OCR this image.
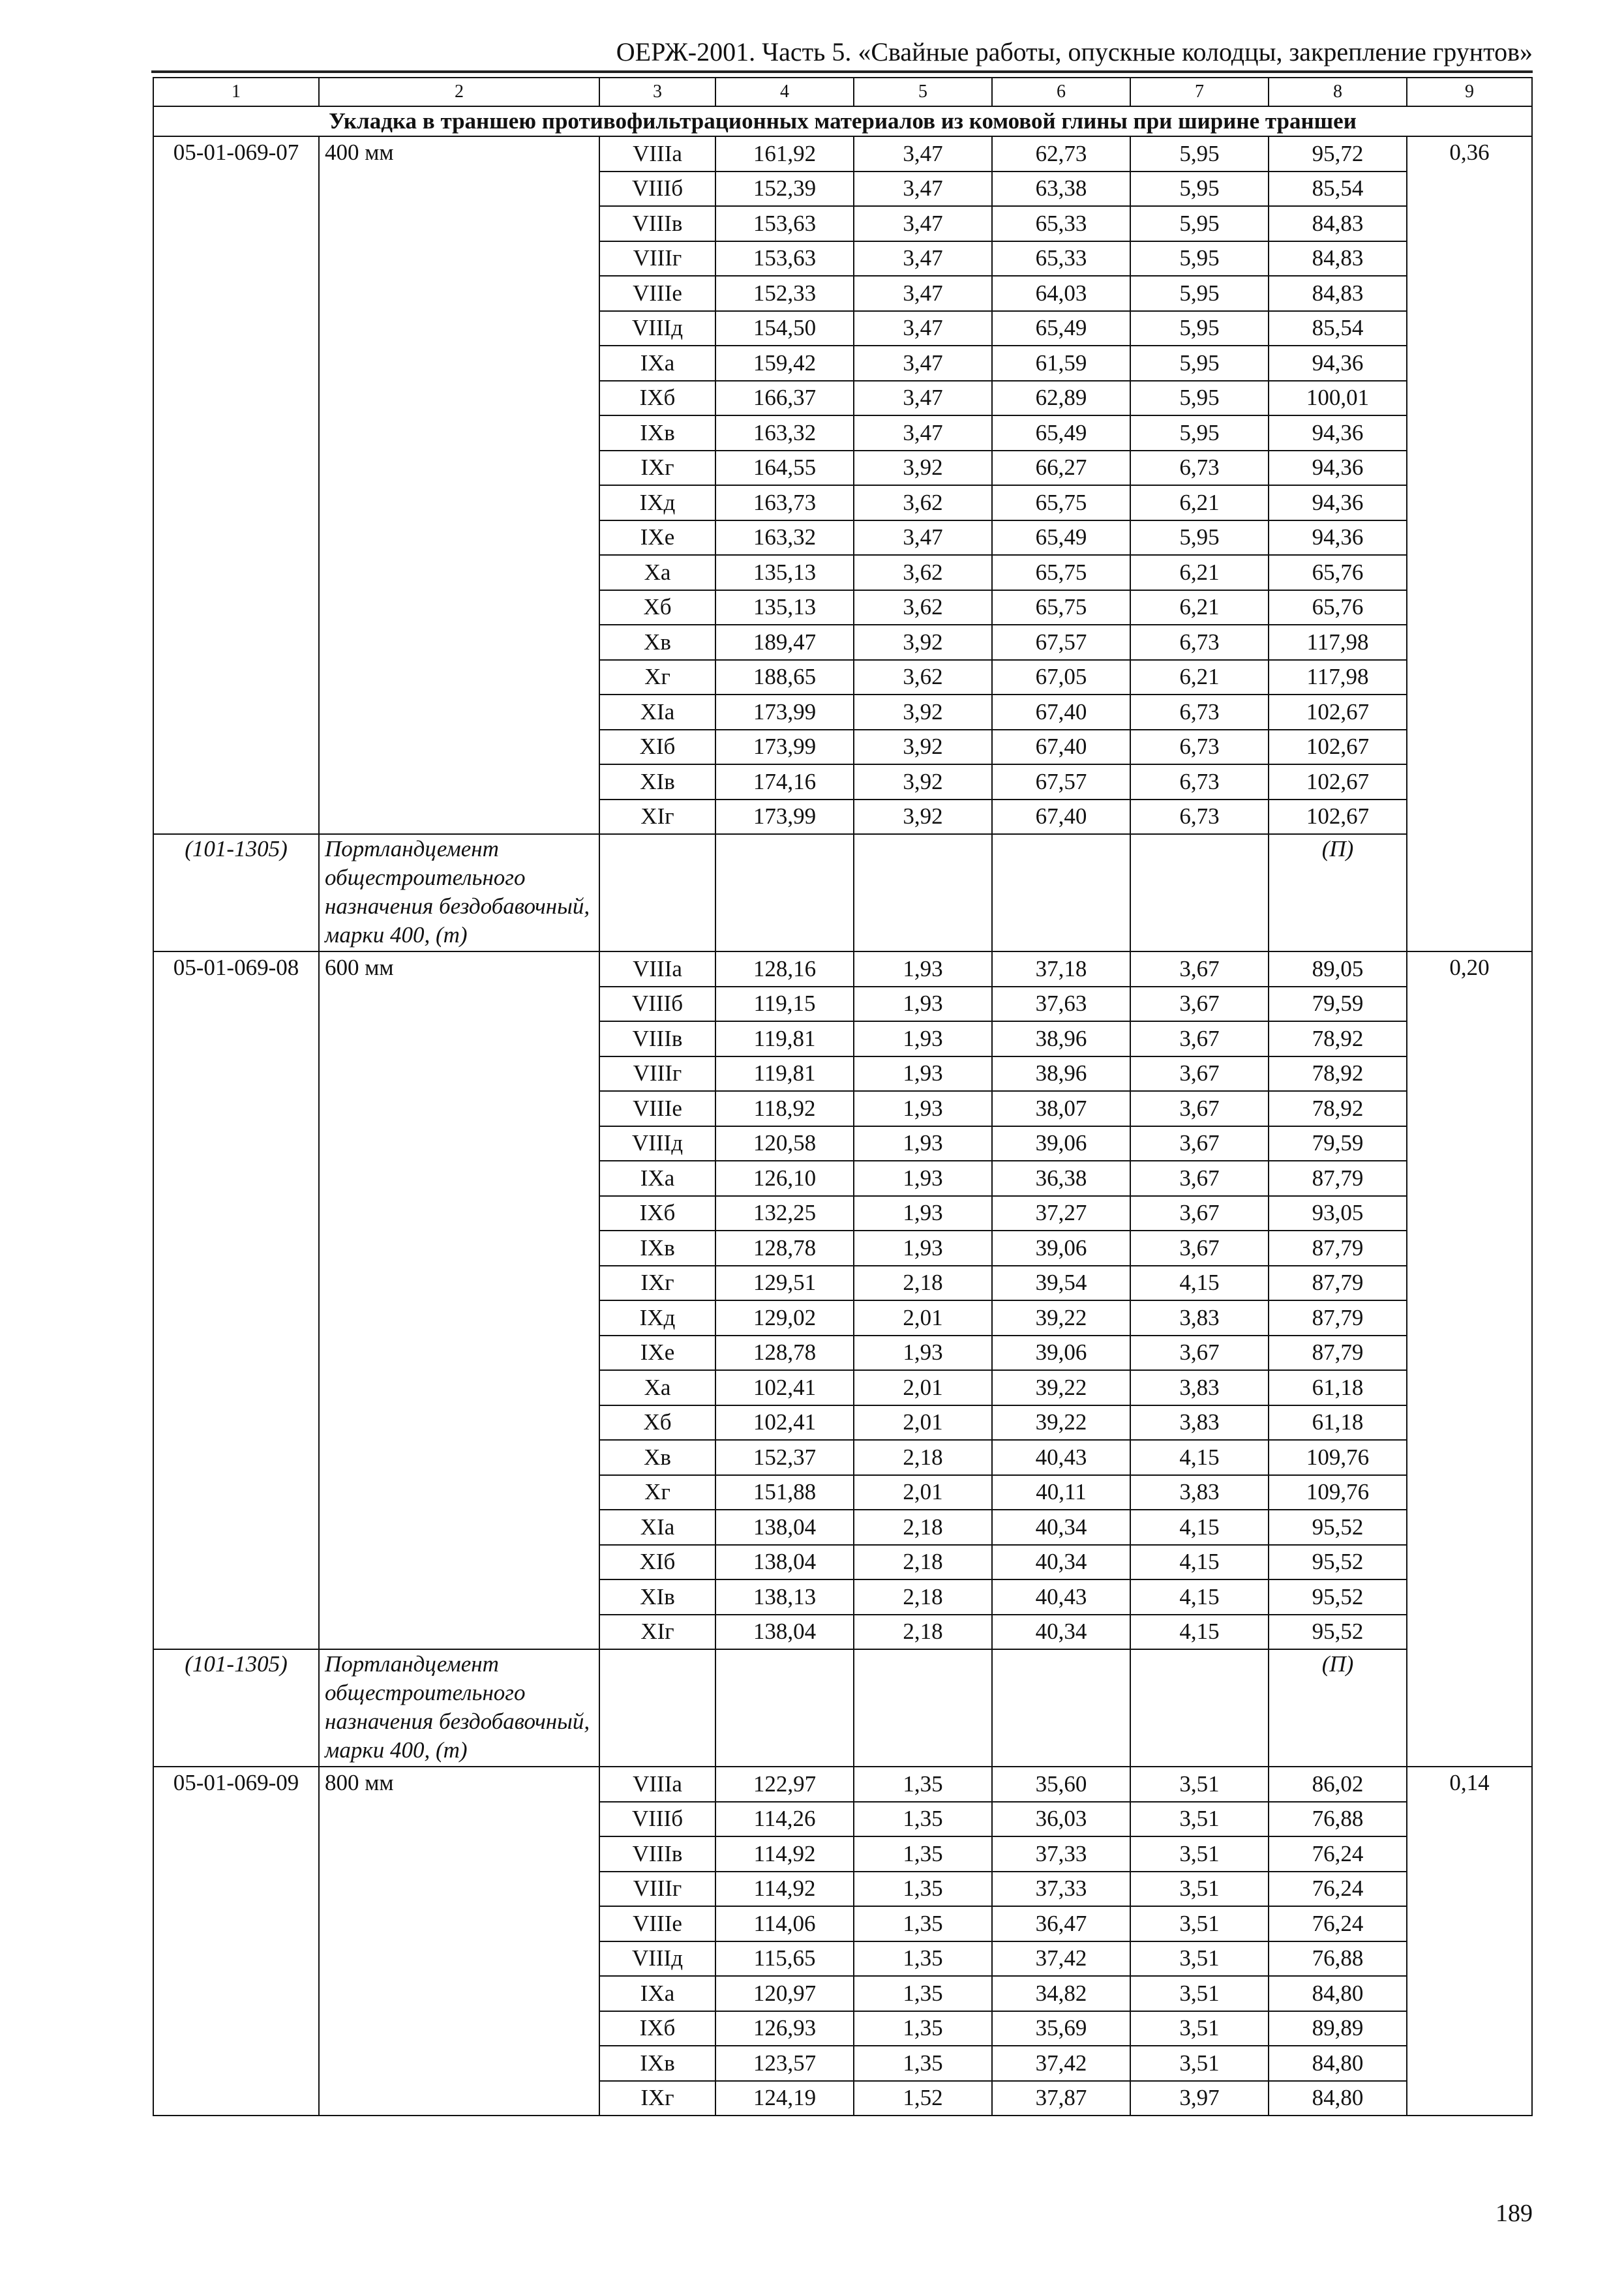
ОЕРЖ-2001. Часть 5. «Свайные работы, опускные колодцы, закрепление грунтов»
1	2	3	4	5	6	7	8	9
Укладка в траншею противофильтрационных материалов из комовой глины при ширине траншеи								
05-01-069-07	400 мм	VIIIа	161,92	3,47	62,73	5,95	95,72	0,36
		VIIIб	152,39	3,47	63,38	5,95	85,54	
		VIIIв	153,63	3,47	65,33	5,95	84,83	
		VIIIг	153,63	3,47	65,33	5,95	84,83	
		VIIIе	152,33	3,47	64,03	5,95	84,83	
		VIIIд	154,50	3,47	65,49	5,95	85,54	
		IXа	159,42	3,47	61,59	5,95	94,36	
		IXб	166,37	3,47	62,89	5,95	100,01	
		IXв	163,32	3,47	65,49	5,95	94,36	
		IXг	164,55	3,92	66,27	6,73	94,36	
		IXд	163,73	3,62	65,75	6,21	94,36	
		IXе	163,32	3,47	65,49	5,95	94,36	
		Xа	135,13	3,62	65,75	6,21	65,76	
		Xб	135,13	3,62	65,75	6,21	65,76	
		Xв	189,47	3,92	67,57	6,73	117,98	
		Xг	188,65	3,62	67,05	6,21	117,98	
		XIа	173,99	3,92	67,40	6,73	102,67	
		XIб	173,99	3,92	67,40	6,73	102,67	
		XIв	174,16	3,92	67,57	6,73	102,67	
		XIг	173,99	3,92	67,40	6,73	102,67	
(101-1305)	Портландцемент общестроительного назначения бездобавочный, марки 400, (т)						(П)	
05-01-069-08	600 мм	VIIIа	128,16	1,93	37,18	3,67	89,05	0,20
		VIIIб	119,15	1,93	37,63	3,67	79,59	
		VIIIв	119,81	1,93	38,96	3,67	78,92	
		VIIIг	119,81	1,93	38,96	3,67	78,92	
		VIIIе	118,92	1,93	38,07	3,67	78,92	
		VIIIд	120,58	1,93	39,06	3,67	79,59	
		IXа	126,10	1,93	36,38	3,67	87,79	
		IXб	132,25	1,93	37,27	3,67	93,05	
		IXв	128,78	1,93	39,06	3,67	87,79	
		IXг	129,51	2,18	39,54	4,15	87,79	
		IXд	129,02	2,01	39,22	3,83	87,79	
		IXе	128,78	1,93	39,06	3,67	87,79	
		Xа	102,41	2,01	39,22	3,83	61,18	
		Xб	102,41	2,01	39,22	3,83	61,18	
		Xв	152,37	2,18	40,43	4,15	109,76	
		Xг	151,88	2,01	40,11	3,83	109,76	
		XIа	138,04	2,18	40,34	4,15	95,52	
		XIб	138,04	2,18	40,34	4,15	95,52	
		XIв	138,13	2,18	40,43	4,15	95,52	
		XIг	138,04	2,18	40,34	4,15	95,52	
(101-1305)	Портландцемент общестроительного назначения бездобавочный, марки 400, (т)						(П)	
05-01-069-09	800 мм	VIIIа	122,97	1,35	35,60	3,51	86,02	0,14
		VIIIб	114,26	1,35	36,03	3,51	76,88	
		VIIIв	114,92	1,35	37,33	3,51	76,24	
		VIIIг	114,92	1,35	37,33	3,51	76,24	
		VIIIе	114,06	1,35	36,47	3,51	76,24	
		VIIIд	115,65	1,35	37,42	3,51	76,88	
		IXа	120,97	1,35	34,82	3,51	84,80	
		IXб	126,93	1,35	35,69	3,51	89,89	
		IXв	123,57	1,35	37,42	3,51	84,80	
		IXг	124,19	1,52	37,87	3,97	84,80	
189
